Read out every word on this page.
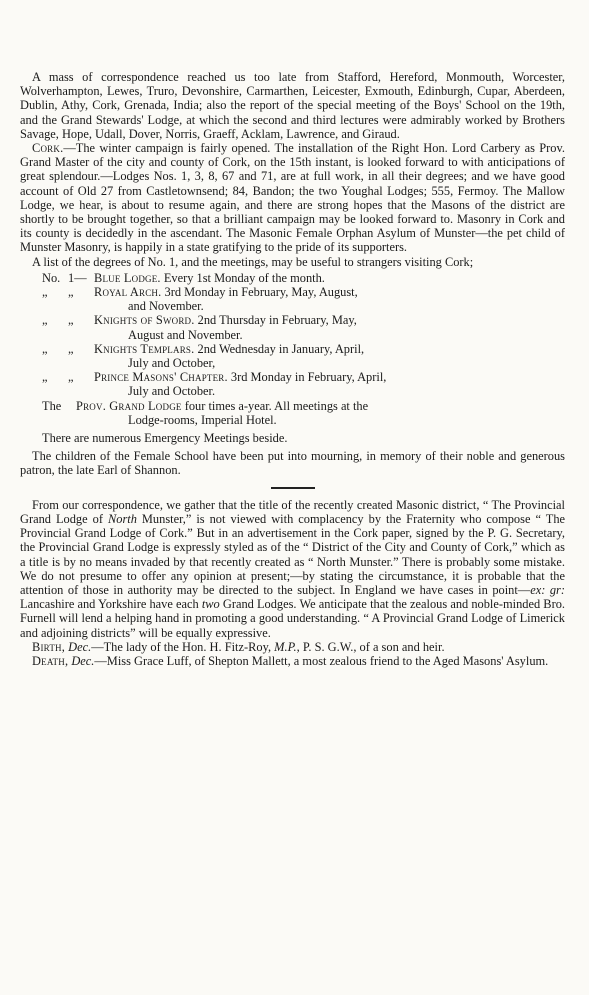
A mass of correspondence reached us too late from Stafford, Hereford, Monmouth, Worcester, Wolverhampton, Lewes, Truro, Devonshire, Carmarthen, Leicester, Exmouth, Edinburgh, Cupar, Aberdeen, Dublin, Athy, Cork, Grenada, India; also the report of the special meeting of the Boys' School on the 19th, and the Grand Stewards' Lodge, at which the second and third lectures were admirably worked by Brothers Savage, Hope, Udall, Dover, Norris, Graeff, Acklam, Lawrence, and Giraud.

Cork.—The winter campaign is fairly opened. The installation of the Right Hon. Lord Carbery as Prov. Grand Master of the city and county of Cork, on the 15th instant, is looked forward to with anticipations of great splendour.—Lodges Nos. 1, 3, 8, 67 and 71, are at full work, in all their degrees; and we have good account of Old 27 from Castletownsend; 84, Bandon; the two Youghal Lodges; 555, Fermoy. The Mallow Lodge, we hear, is about to resume again, and there are strong hopes that the Masons of the district are shortly to be brought together, so that a brilliant campaign may be looked forward to. Masonry in Cork and its county is decidedly in the ascendant. The Masonic Female Orphan Asylum of Munster—the pet child of Munster Masonry, is happily in a state gratifying to the pride of its supporters.

A list of the degrees of No. 1, and the meetings, may be useful to strangers visiting Cork;

No. 1— Blue Lodge. Every 1st Monday of the month.
„	„	Royal Arch. 3rd Monday in February, May, August,
and November.
„	„	Knights of Sword. 2nd Thursday in February, May,
August and November.
„	„	Knights Templars. 2nd Wednesday in January, April,
July and October,
„	„	Prince Masons' Chapter. 3rd Monday in February, April,
July and October.
The	Prov. Grand Lodge four times a-year. All meetings at the
Lodge-rooms, Imperial Hotel.
There are numerous Emergency Meetings beside.

The children of the Female School have been put into mourning, in memory of their noble and generous patron, the late Earl of Shannon.

From our correspondence, we gather that the title of the recently created Masonic district, “ The Provincial Grand Lodge of North Munster,” is not viewed with complacency by the Fraternity who compose “ The Provincial Grand Lodge of Cork.” But in an advertisement in the Cork paper, signed by the P. G. Secretary, the Provincial Grand Lodge is expressly styled as of the “ District of the City and County of Cork,” which as a title is by no means invaded by that recently created as “ North Munster.” There is probably some mistake. We do not presume to offer any opinion at present;—by stating the circumstance, it is probable that the attention of those in authority may be directed to the subject. In England we have cases in point—ex: gr: Lancashire and Yorkshire have each two Grand Lodges. We anticipate that the zealous and noble-minded Bro. Furnell will lend a helping hand in promoting a good understanding. “ A Provincial Grand Lodge of Limerick and adjoining districts” will be equally expressive.

Birth, Dec.—The lady of the Hon. H. Fitz-Roy, M.P., P. S. G.W., of a son and heir.

Death, Dec.—Miss Grace Luff, of Shepton Mallett, a most zealous friend to the Aged Masons' Asylum.
